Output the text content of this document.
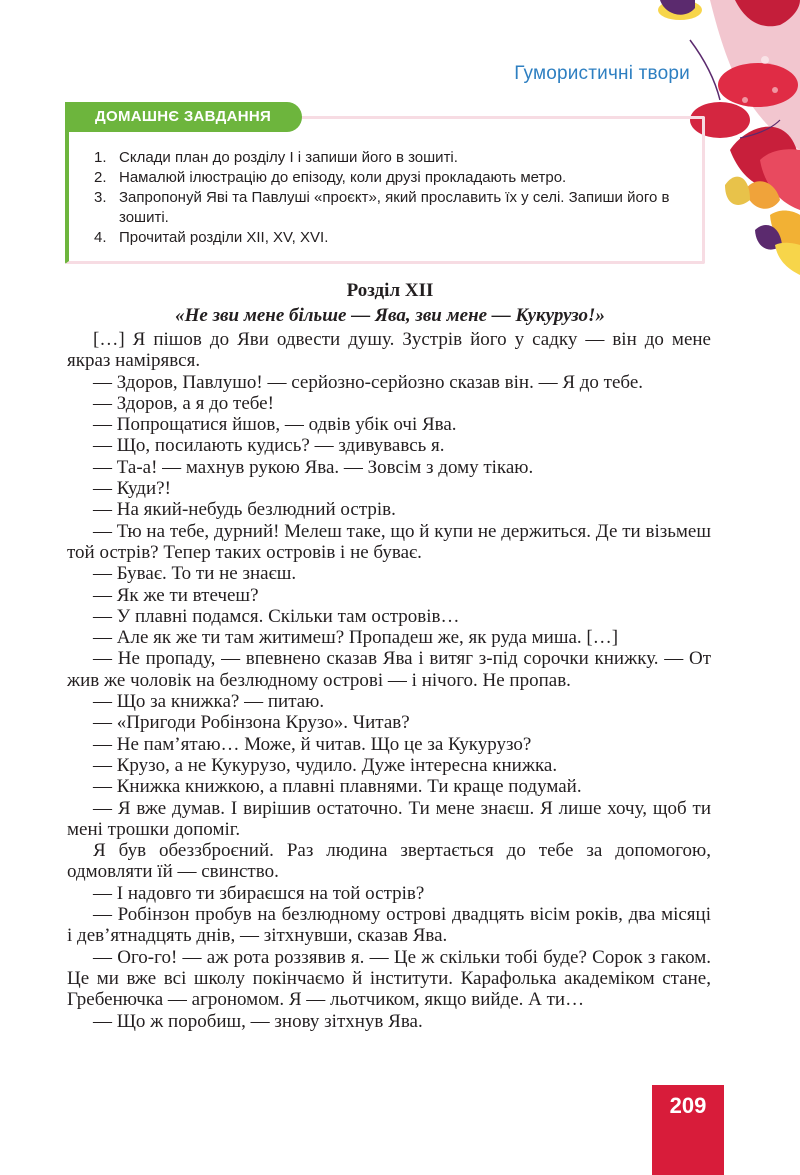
Гумористичні твори
ДОМАШНЄ ЗАВДАННЯ
1. Склади план до розділу І і запиши його в зошиті.
2. Намалюй ілюстрацію до епізоду, коли друзі прокладають метро.
3. Запропонуй Яві та Павлуші «проєкт», який прославить їх у селі. Запиши його в зошиті.
4. Прочитай розділи XII, XV, XVI.
Розділ XII
«Не зви мене більше — Ява, зви мене — Кукурузо!»

[…] Я пішов до Яви одвести душу. Зустрів його у садку — він до мене якраз намірявся.

— Здоров, Павлушо! — серйозно-серйозно сказав він. — Я до тебе.

— Здоров, а я до тебе!

— Попрощатися йшов, — одвів убік очі Ява.

— Що, посилають кудись? — здивувавсь я.

— Та-а! — махнув рукою Ява. — Зовсім з дому тікаю.

— Куди?!

— На який-небудь безлюдний острів.

— Тю на тебе, дурний! Мелеш таке, що й купи не держиться. Де ти візьмеш той острів? Тепер таких островів і не буває.

— Буває. То ти не знаєш.

— Як же ти втечеш?

— У плавні подамся. Скільки там островів…

— Але як же ти там житимеш? Пропадеш же, як руда миша. […]

— Не пропаду, — впевнено сказав Ява і витяг з-під сорочки книжку. — От жив же чоловік на безлюдному острові — і нічого. Не пропав.

— Що за книжка? — питаю.

— «Пригоди Робінзона Крузо». Читав?

— Не пам’ятаю… Може, й читав. Що це за Кукурузо?

— Крузо, а не Кукурузо, чудило. Дуже інтересна книжка.

— Книжка книжкою, а плавні плавнями. Ти краще подумай.

— Я вже думав. І вирішив остаточно. Ти мене знаєш. Я лише хочу, щоб ти мені трошки допоміг.

Я був обеззброєний. Раз людина звертається до тебе за допомогою, одмовляти їй — свинство.

— І надовго ти збираєшся на той острів?

— Робінзон пробув на безлюдному острові двадцять вісім років, два місяці і дев’ятнадцять днів, — зітхнувши, сказав Ява.

— Ого-го! — аж рота роззявив я. — Це ж скільки тобі буде? Сорок з гаком. Це ми вже всі школу покінчаємо й інститути. Карафолька академіком стане, Гребенючка — агрономом. Я — льотчиком, якщо вийде. А ти…

— Що ж поробиш, — знову зітхнув Ява.

209
